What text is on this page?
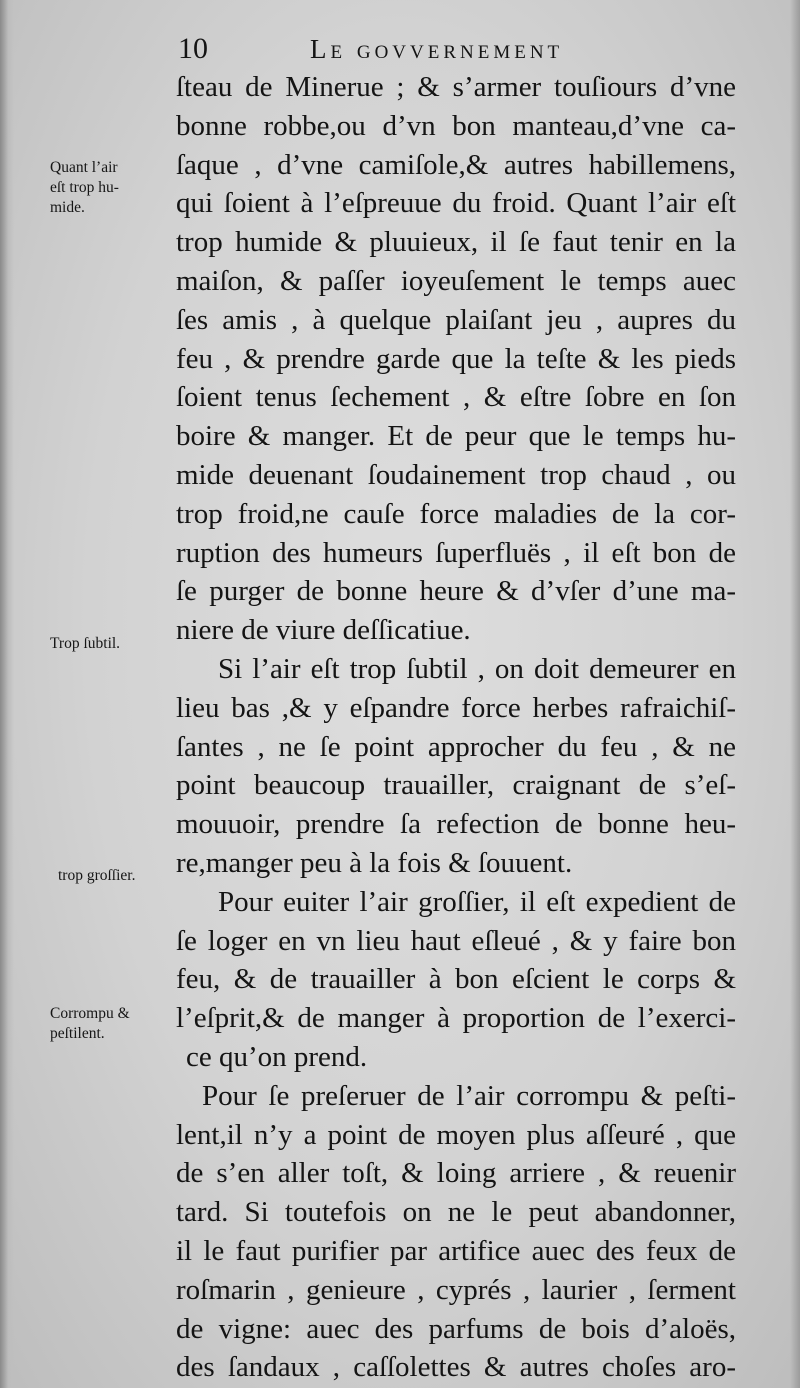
10	Le govvernement
Quant l’air
eſt trop hu-
mide.
Trop ſubtil.
trop groſſier.
Corrompu &
peſtilent.
ſteau de Minerue ; & s’armer touſiours d’vne
bonne robbe,ou d’vn bon manteau,d’vne ca-
ſaque , d’vne camiſole,& autres habillemens,
qui ſoient à l’eſpreuue du froid. Quant l’air eſt
trop humide & pluuieux, il ſe faut tenir en la
maiſon, & paſſer ioyeuſement le temps auec
ſes amis , à quelque plaiſant jeu , aupres du
feu , & prendre garde que la teſte & les pieds
ſoient tenus ſechement , & eſtre ſobre en ſon
boire & manger. Et de peur que le temps hu-
mide deuenant ſoudainement trop chaud , ou
trop froid,ne cauſe force maladies de la cor-
ruption des humeurs ſuperfluës , il eſt bon de
ſe purger de bonne heure & d’vſer d’une ma-
niere de viure deſſicatiue.
Si l’air eſt trop ſubtil , on doit demeurer en
lieu bas ,& y eſpandre force herbes rafraichiſ-
ſantes , ne ſe point approcher du feu , & ne
point beaucoup trauailler, craignant de s’eſ-
mouuoir, prendre ſa refection de bonne heu-
re,manger peu à la fois & ſouuent.
Pour euiter l’air groſſier, il eſt expedient de
ſe loger en vn lieu haut eſleué , & y faire bon
feu, & de trauailler à bon eſcient le corps &
l’eſprit,& de manger à proportion de l’exerci-
ce qu’on prend.
Pour ſe preſeruer de l’air corrompu & peſti-
lent,il n’y a point de moyen plus aſſeuré , que
de s’en aller toſt, & loing arriere , & reuenir
tard. Si toutefois on ne le peut abandonner,
il le faut purifier par artifice auec des feux de
roſmarin , genieure , cyprés , laurier , ſerment
de vigne: auec des parfums de bois d’aloës,
des ſandaux , caſſolettes & autres choſes aro-
